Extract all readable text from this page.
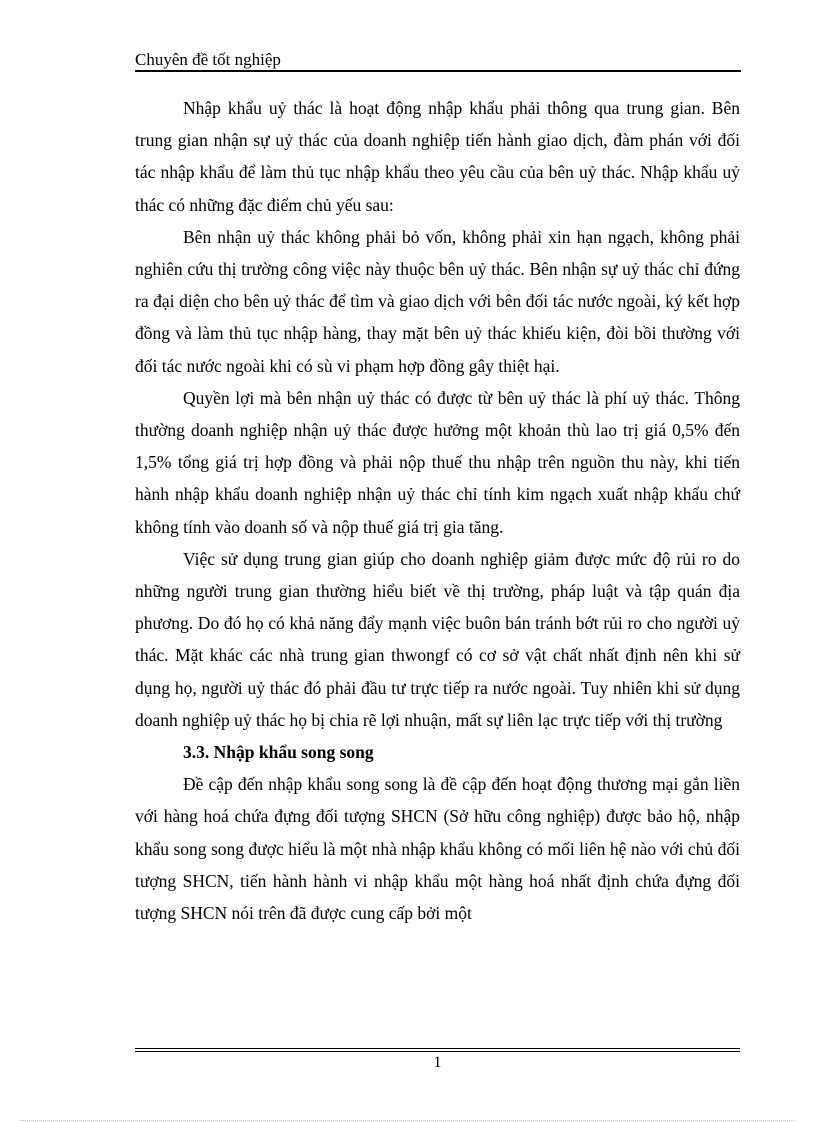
Chuyên đề tốt nghiệp

Nhập khẩu uỷ thác là hoạt động nhập khẩu phải thông qua trung gian. Bên trung gian nhận sự uỷ thác của doanh nghiệp tiến hành giao dịch, đàm phán với đối tác nhập khẩu để làm thủ tục nhập khẩu theo yêu cầu của bên uỷ thác. Nhập khẩu uỷ thác có những đặc điểm chủ yếu sau:

Bên nhận uỷ thác không phải bỏ vốn, không phải xin hạn ngạch, không phải nghiên cứu thị trường công việc này thuộc bên uỷ thác. Bên nhận sự uỷ thác chỉ đứng ra đại diện cho bên uỷ thác để tìm và giao dịch với bên đối tác nước ngoài, ký kết hợp đồng và làm thủ tục nhập hàng, thay mặt bên uỷ thác khiếu kiện, đòi bồi thường với đối tác nước ngoài khi có sù vi phạm hợp đồng gây thiệt hại.

Quyền lợi mà bên nhận uỷ thác có được từ bên uỷ thác là phí uỷ thác. Thông thường doanh nghiệp nhận uỷ thác được hưởng một khoản thù lao trị giá 0,5% đến 1,5% tổng giá trị hợp đồng và phải nộp thuế thu nhập trên nguồn thu này, khi tiến hành nhập khẩu doanh nghiệp nhận uỷ thác chỉ tính kim ngạch xuất nhập khẩu chứ không tính vào doanh số và nộp thuế giá trị gia tăng.

Việc sử dụng trung gian giúp cho doanh nghiệp giảm được mức độ rủi ro do những người trung gian thường hiểu biết về thị trường, pháp luật và tập quán địa phương. Do đó họ có khả năng đẩy mạnh việc buôn bán tránh bớt rủi ro cho người uỷ thác. Mặt khác các nhà trung gian thwongf có cơ sở vật chất nhất định nên khi sử dụng họ, người uỷ thác đó phải đầu tư trực tiếp ra nước ngoài. Tuy nhiên khi sử dụng doanh nghiệp uỷ thác họ bị chia rẽ lợi nhuận, mất sự liên lạc trực tiếp với thị trường

3.3. Nhập khẩu song song

Đề cập đến nhập khẩu song song là đề cập đến hoạt động thương mại gắn liền với hàng hoá chứa đựng đối tượng SHCN (Sở hữu công nghiệp) được bảo hộ, nhập khẩu song song được hiểu là một nhà nhập khẩu không có mối liên hệ nào với chủ đối tượng SHCN, tiến hành hành vi nhập khẩu một hàng hoá nhất định chứa đựng đối tượng SHCN nói trên đã được cung cấp bởi một

1
